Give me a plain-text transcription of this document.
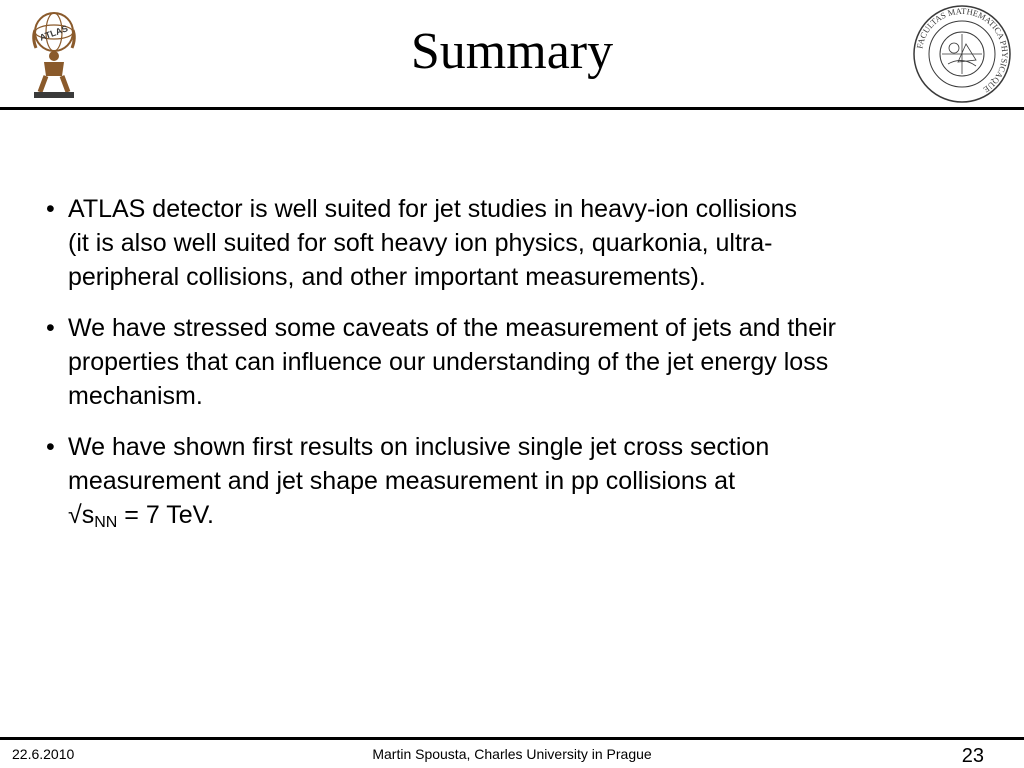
ATLAS	Summary	FACULTAS MATHEMATICA PHYSICAQUE
• ATLAS detector is well suited for jet studies in heavy-ion collisions
(it is also well suited for soft heavy ion physics, quarkonia, ultra-
peripheral collisions, and other important measurements).
• We have stressed some caveats of the measurement of jets and their
properties that can influence our understanding of the jet energy loss
mechanism.
• We have shown first results on inclusive single jet cross section
measurement and jet shape measurement in pp collisions at
$√s_{NN} = 7$ TeV.
22.6.2010	Martin Spousta, Charles University in Prague	23
